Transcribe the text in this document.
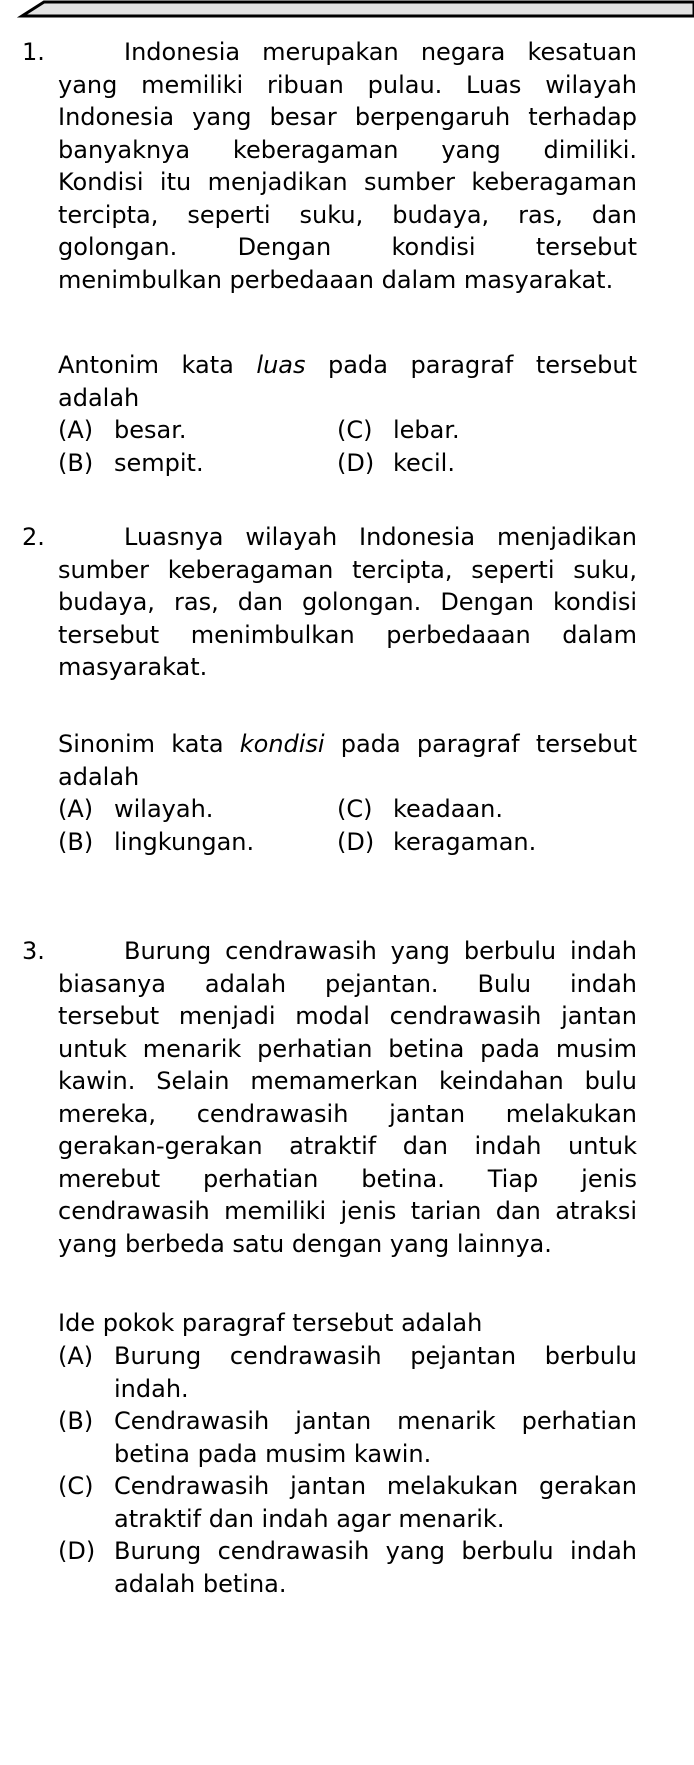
1.	Indonesia merupakan negara kesatuan
yang memiliki ribuan pulau. Luas wilayah
Indonesia yang besar berpengaruh terhadap
banyaknya keberagaman yang dimiliki.
Kondisi itu menjadikan sumber keberagaman
tercipta, seperti suku, budaya, ras, dan
golongan. Dengan kondisi tersebut
menimbulkan perbedaaan dalam masyarakat.
Antonim kata luas pada paragraf tersebut
adalah
(A) besar.	(C) lebar.
(B) sempit.	(D) kecil.
2.	Luasnya wilayah Indonesia menjadikan
sumber keberagaman tercipta, seperti suku,
budaya, ras, dan golongan. Dengan kondisi
tersebut menimbulkan perbedaaan dalam
masyarakat.
Sinonim kata kondisi pada paragraf tersebut
adalah
(A) wilayah.	(C) keadaan.
(B) lingkungan.	(D) keragaman.
3.	Burung cendrawasih yang berbulu indah
biasanya adalah pejantan. Bulu indah
tersebut menjadi modal cendrawasih jantan
untuk menarik perhatian betina pada musim
kawin. Selain memamerkan keindahan bulu
mereka, cendrawasih jantan melakukan
gerakan-gerakan atraktif dan indah untuk
merebut perhatian betina. Tiap jenis
cendrawasih memiliki jenis tarian dan atraksi
yang berbeda satu dengan yang lainnya.
Ide pokok paragraf tersebut adalah
(A) Burung cendrawasih pejantan berbulu
indah.
(B) Cendrawasih jantan menarik perhatian
betina pada musim kawin.
(C) Cendrawasih jantan melakukan gerakan
atraktif dan indah agar menarik.
(D) Burung cendrawasih yang berbulu indah
adalah betina.
